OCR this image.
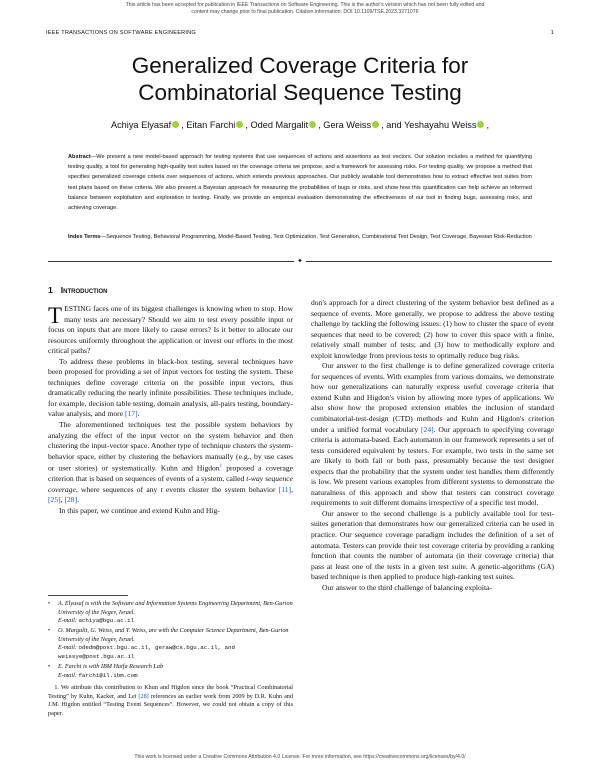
This article has been accepted for publication in IEEE Transactions on Software Engineering. This is the author's version which has not been fully edited and content may change prior to final publication. Citation information: DOI 10.1109/TSE.2023.3271076
IEEE TRANSACTIONS ON SOFTWARE ENGINEERING	1
Generalized Coverage Criteria for Combinatorial Sequence Testing
Achiya Elyasaf , Eitan Farchi , Oded Margalit , Gera Weiss , and Yeshayahu Weiss ,
Abstract—We present a new model-based approach for testing systems that use sequences of actions and assertions as test vectors. Our solution includes a method for quantifying testing quality, a tool for generating high-quality test suites based on the coverage criteria we propose, and a framework for assessing risks. For testing quality, we propose a method that specifies generalized coverage criteria over sequences of actions, which extends previous approaches. Our publicly available tool demonstrates how to extract effective test suites from test plans based on these criteria. We also present a Bayesian approach for measuring the probabilities of bugs or risks, and show how this quantification can help achieve an informed balance between exploitation and exploration in testing. Finally, we provide an empirical evaluation demonstrating the effectiveness of our tool in finding bugs, assessing risks, and achieving coverage.
Index Terms—Sequence Testing, Behavioral Programming, Model-Based Testing, Test Optimization, Test Generation, Combinatorial Test Design, Test Coverage, Bayesian Risk-Reduction
✦
1 Introduction

TESTING faces one of its biggest challenges is knowing when to stop. How many tests are necessary? Should we aim to test every possible input or focus on inputs that are more likely to cause errors? Is it better to allocate our resources uniformly throughout the application or invest our efforts in the most critical paths?

To address these problems in black-box testing, several techniques have been proposed for providing a set of input vectors for testing the system. These techniques define coverage criteria on the possible input vectors, thus dramatically reducing the nearly infinite possibilities. These techniques include, for example, decision table testing, domain analysis, all-pairs testing, boundary-value analysis, and more [17].

The aforementioned techniques test the possible system behaviors by analyzing the effect of the input vector on the system behavior and then clustering the input-vector space. Another type of technique clusters the system-behavior space, either by clustering the behaviors manually (e.g., by use cases or user stories) or systematically. Kuhn and Higdon$^1$ proposed a coverage criterion that is based on sequences of events of a system, called t-way sequence coverage, where sequences of any t events cluster the system behavior [11], [25], [28].

In this paper, we continue and extend Kuhn and Hig-

• A. Elyasaf is with the Software and Information Systems Engineering Department, Ben-Gurion University of the Negev, Israel.
E-mail: achiya@bgu.ac.il
• O. Margalit, G. Weiss, and Y. Weiss, are with the Computer Science Department, Ben-Gurion University of the Negev, Israel.
E-mail: odedm@post.bgu.ac.il, geraw@cs.bgu.ac.il, and weissye@post.bgu.ac.il
• E. Farchi is with IBM Haifa Research Lab
E-mail: farchi@il.ibm.com
1. We attribute this contribution to Khun and Higdon since the book “Practical Combinatorial Testing” by Kuhn, Kacker, and Lei [28] references an earlier work from 2009 by D.R. Kuhn and J.M. Higdon entitled “Testing Event Sequences”. However, we could not obtain a copy of this paper.

don's approach for a direct clustering of the system behavior best defined as a sequence of events. More generally, we propose to address the above testing challenge by tackling the following issues: (1) how to cluster the space of event sequences that need to be covered; (2) how to cover this space with a finite, relatively small number of tests; and (3) how to methodically explore and exploit knowledge from previous tests to optimally reduce bug risks.

Our answer to the first challenge is to define generalized coverage criteria for sequences of events. With examples from various domains, we demonstrate how our generalizations can naturally express useful coverage criteria that extend Kuhn and Higdon's vision by allowing more types of applications. We also show how the proposed extension enables the inclusion of standard combinatorial-test-design (CTD) methods and Kuhn and Higdon's criterion under a unified formal vocabulary [24]. Our approach to specifying coverage criteria is automata-based. Each automaton in our framework represents a set of tests considered equivalent by testers. For example, two tests in the same set are likely to both fail or both pass, presumably because the test designer expects that the probability that the system under test handles them differently is low. We present various examples from different systems to demonstrate the naturalness of this approach and show that testers can construct coverage requirements to suit different domains irrespective of a specific test model.

Our answer to the second challenge is a publicly available tool for test-suites generation that demonstrates how our generalized criteria can be used in practice. Our sequence coverage paradigm includes the definition of a set of automata. Testers can provide their test coverage criteria by providing a ranking function that counts the number of automata (in their coverage criteria) that pass at least one of the tests in a given test suite. A genetic-algorithms (GA) based technique is then applied to produce high-ranking test suites.

Our answer to the third challenge of balancing exploita-

This work is licensed under a Creative Commons Attribution 4.0 License. For more information, see https://creativecommons.org/licenses/by/4.0/
